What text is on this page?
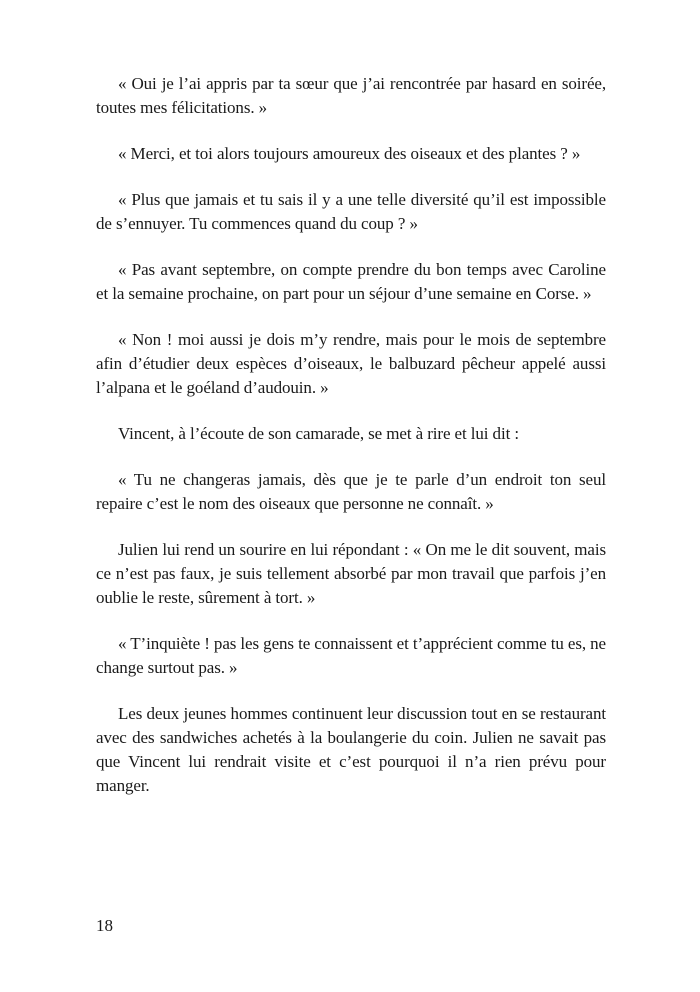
« Oui je l’ai appris par ta sœur que j’ai rencontrée par hasard en soirée, toutes mes félicitations. »

« Merci, et toi alors toujours amoureux des oiseaux et des plantes ? »

« Plus que jamais et tu sais il y a une telle diversité qu’il est impossible de s’ennuyer. Tu commences quand du coup ? »

« Pas avant septembre, on compte prendre du bon temps avec Caroline et la semaine prochaine, on part pour un séjour d’une semaine en Corse. »

« Non ! moi aussi je dois m’y rendre, mais pour le mois de septembre afin d’étudier deux espèces d’oiseaux, le balbuzard pêcheur appelé aussi l’alpana et le goéland d’audouin. »

Vincent, à l’écoute de son camarade, se met à rire et lui dit :

« Tu ne changeras jamais, dès que je te parle d’un endroit ton seul repaire c’est le nom des oiseaux que personne ne connaît. »

Julien lui rend un sourire en lui répondant : « On me le dit souvent, mais ce n’est pas faux, je suis tellement absorbé par mon travail que parfois j’en oublie le reste, sûrement à tort. »

« T’inquiète ! pas les gens te connaissent et t’apprécient comme tu es, ne change surtout pas. »

Les deux jeunes hommes continuent leur discussion tout en se restaurant avec des sandwiches achetés à la boulangerie du coin. Julien ne savait pas que Vincent lui rendrait visite et c’est pourquoi il n’a rien prévu pour manger.

18
